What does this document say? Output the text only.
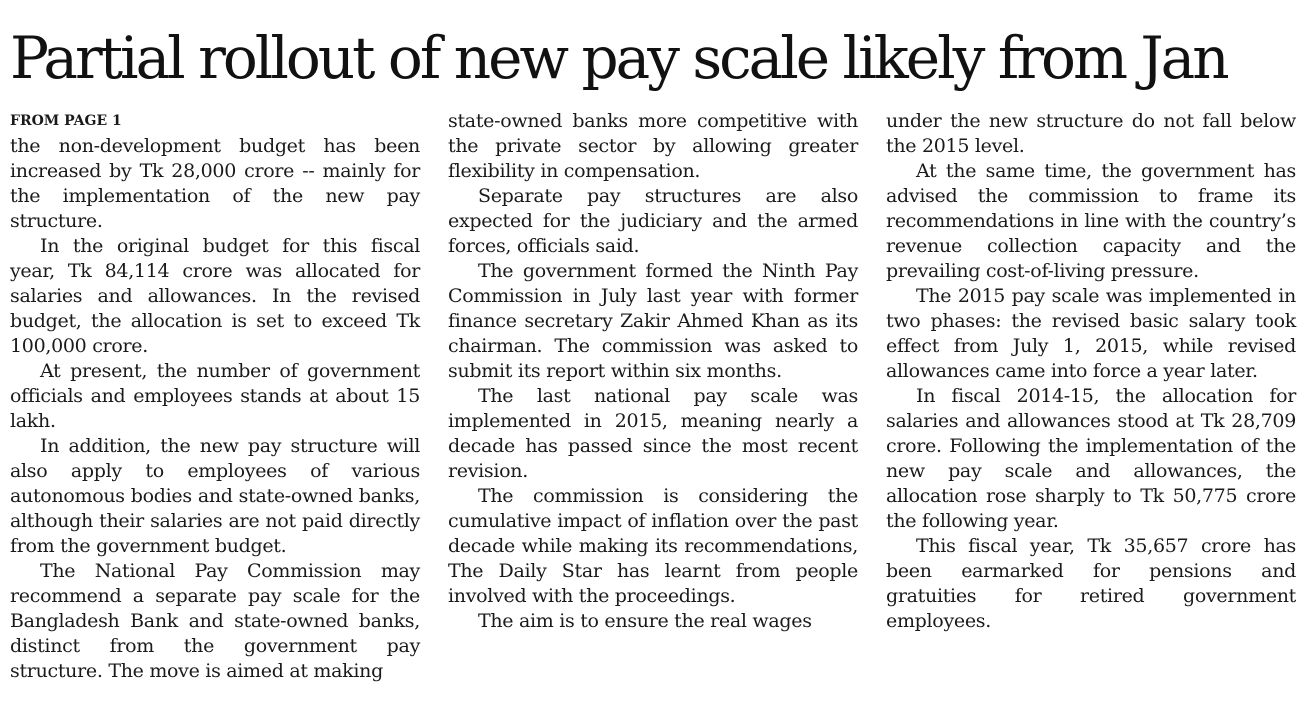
Partial rollout of new pay scale likely from Jan
FROM PAGE 1

the non-development budget has been increased by Tk 28,000 crore -- mainly for the implementation of the new pay structure.

In the original budget for this fiscal year, Tk 84,114 crore was allocated for salaries and allowances. In the revised budget, the allocation is set to exceed Tk 100,000 crore.

At present, the number of government officials and employees stands at about 15 lakh.

In addition, the new pay structure will also apply to employees of various autonomous bodies and state-owned banks, although their salaries are not paid directly from the government budget.

The National Pay Commission may recommend a separate pay scale for the Bangladesh Bank and state-owned banks, distinct from the government pay structure. The move is aimed at making

state-owned banks more competitive with the private sector by allowing greater flexibility in compensation.

Separate pay structures are also expected for the judiciary and the armed forces, officials said.

The government formed the Ninth Pay Commission in July last year with former finance secretary Zakir Ahmed Khan as its chairman. The commission was asked to submit its report within six months.

The last national pay scale was implemented in 2015, meaning nearly a decade has passed since the most recent revision.

The commission is considering the cumulative impact of inflation over the past decade while making its recommendations, The Daily Star has learnt from people involved with the proceedings.

The aim is to ensure the real wages

under the new structure do not fall below the 2015 level.

At the same time, the government has advised the commission to frame its recommendations in line with the country’s revenue collection capacity and the prevailing cost-of-living pressure.

The 2015 pay scale was implemented in two phases: the revised basic salary took effect from July 1, 2015, while revised allowances came into force a year later.

In fiscal 2014-15, the allocation for salaries and allowances stood at Tk 28,709 crore. Following the implementation of the new pay scale and allowances, the allocation rose sharply to Tk 50,775 crore the following year.

This fiscal year, Tk 35,657 crore has been earmarked for pensions and gratuities for retired government employees.
